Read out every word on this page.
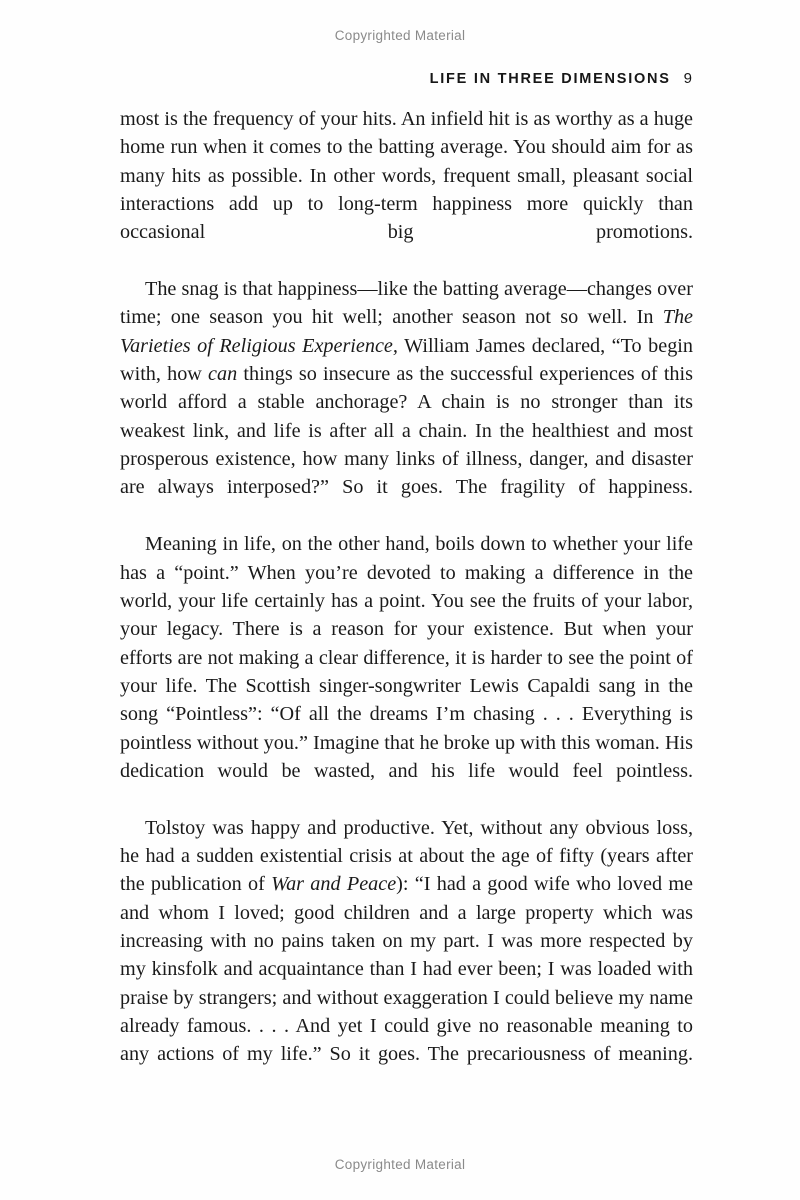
Copyrighted Material
LIFE IN THREE DIMENSIONS 9

most is the frequency of your hits. An infield hit is as worthy as a huge home run when it comes to the batting average. You should aim for as many hits as possible. In other words, frequent small, pleasant social interactions add up to long-term happiness more quickly than occasional big promotions.

The snag is that happiness—like the batting average—changes over time; one season you hit well; another season not so well. In The Varieties of Religious Experience, William James declared, “To begin with, how can things so insecure as the successful experiences of this world afford a stable anchorage? A chain is no stronger than its weakest link, and life is after all a chain. In the healthiest and most prosperous existence, how many links of illness, danger, and disaster are always interposed?” So it goes. The fragility of happiness.

Meaning in life, on the other hand, boils down to whether your life has a “point.” When you’re devoted to making a difference in the world, your life certainly has a point. You see the fruits of your labor, your legacy. There is a reason for your existence. But when your efforts are not making a clear difference, it is harder to see the point of your life. The Scottish singer-songwriter Lewis Capaldi sang in the song “Pointless”: “Of all the dreams I’m chasing . . . Everything is pointless without you.” Imagine that he broke up with this woman. His dedication would be wasted, and his life would feel pointless.

Tolstoy was happy and productive. Yet, without any obvious loss, he had a sudden existential crisis at about the age of fifty (years after the publication of War and Peace): “I had a good wife who loved me and whom I loved; good children and a large property which was increasing with no pains taken on my part. I was more respected by my kinsfolk and acquaintance than I had ever been; I was loaded with praise by strangers; and without exaggeration I could believe my name already famous. . . . And yet I could give no reasonable meaning to any actions of my life.” So it goes. The precariousness of meaning.

Copyrighted Material
